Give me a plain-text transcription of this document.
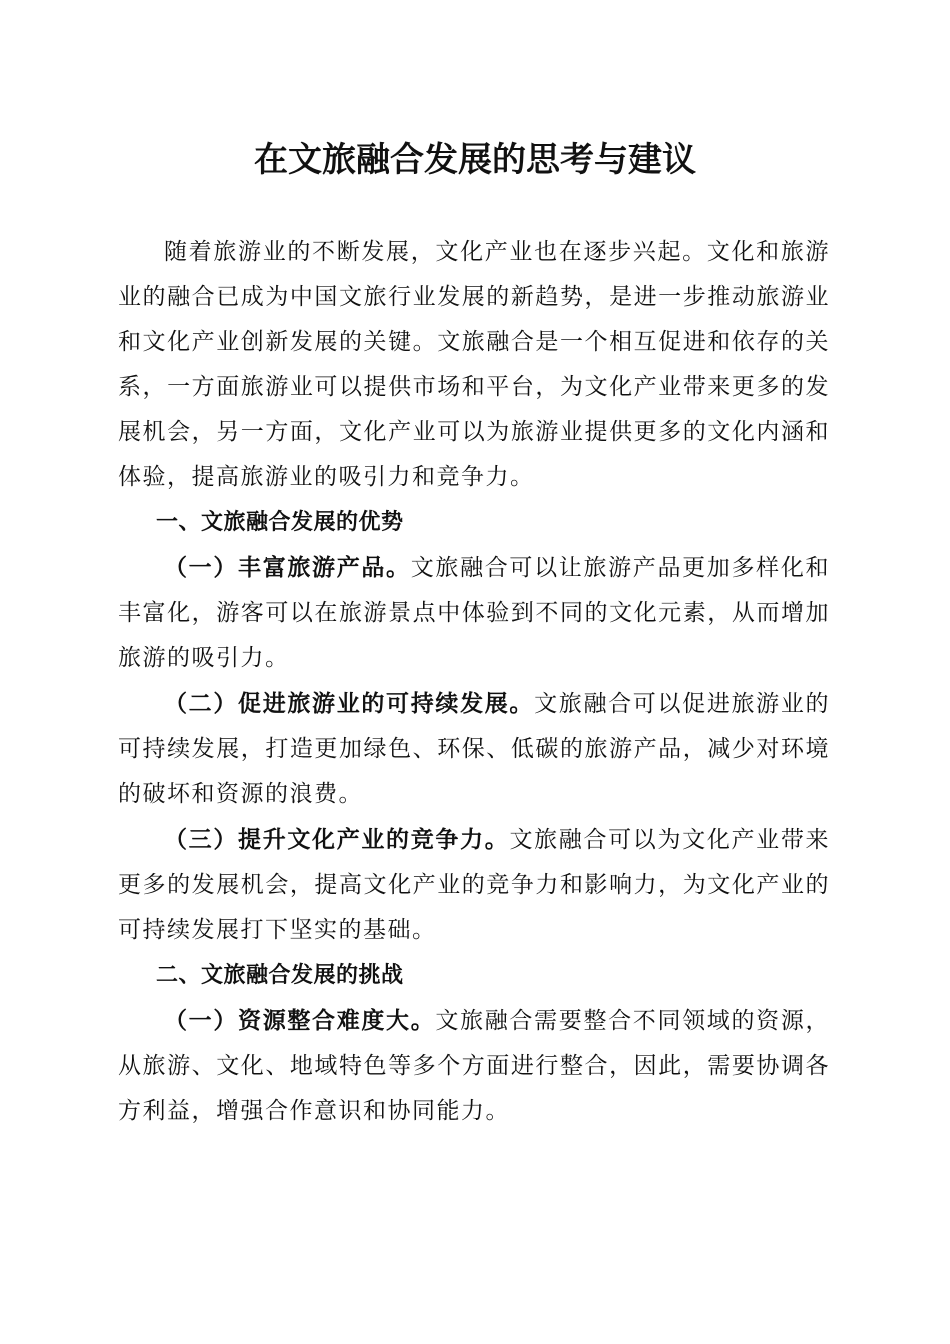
在文旅融合发展的思考与建议

随着旅游业的不断发展，文化产业也在逐步兴起。文化和旅游业的融合已成为中国文旅行业发展的新趋势，是进一步推动旅游业和文化产业创新发展的关键。文旅融合是一个相互促进和依存的关系，一方面旅游业可以提供市场和平台，为文化产业带来更多的发展机会，另一方面，文化产业可以为旅游业提供更多的文化内涵和体验，提高旅游业的吸引力和竞争力。

一、文旅融合发展的优势

（一）丰富旅游产品。文旅融合可以让旅游产品更加多样化和丰富化，游客可以在旅游景点中体验到不同的文化元素，从而增加旅游的吸引力。

（二）促进旅游业的可持续发展。文旅融合可以促进旅游业的可持续发展，打造更加绿色、环保、低碳的旅游产品，减少对环境的破坏和资源的浪费。

（三）提升文化产业的竞争力。文旅融合可以为文化产业带来更多的发展机会，提高文化产业的竞争力和影响力，为文化产业的可持续发展打下坚实的基础。

二、文旅融合发展的挑战

（一）资源整合难度大。文旅融合需要整合不同领域的资源，从旅游、文化、地域特色等多个方面进行整合，因此，需要协调各方利益，增强合作意识和协同能力。
